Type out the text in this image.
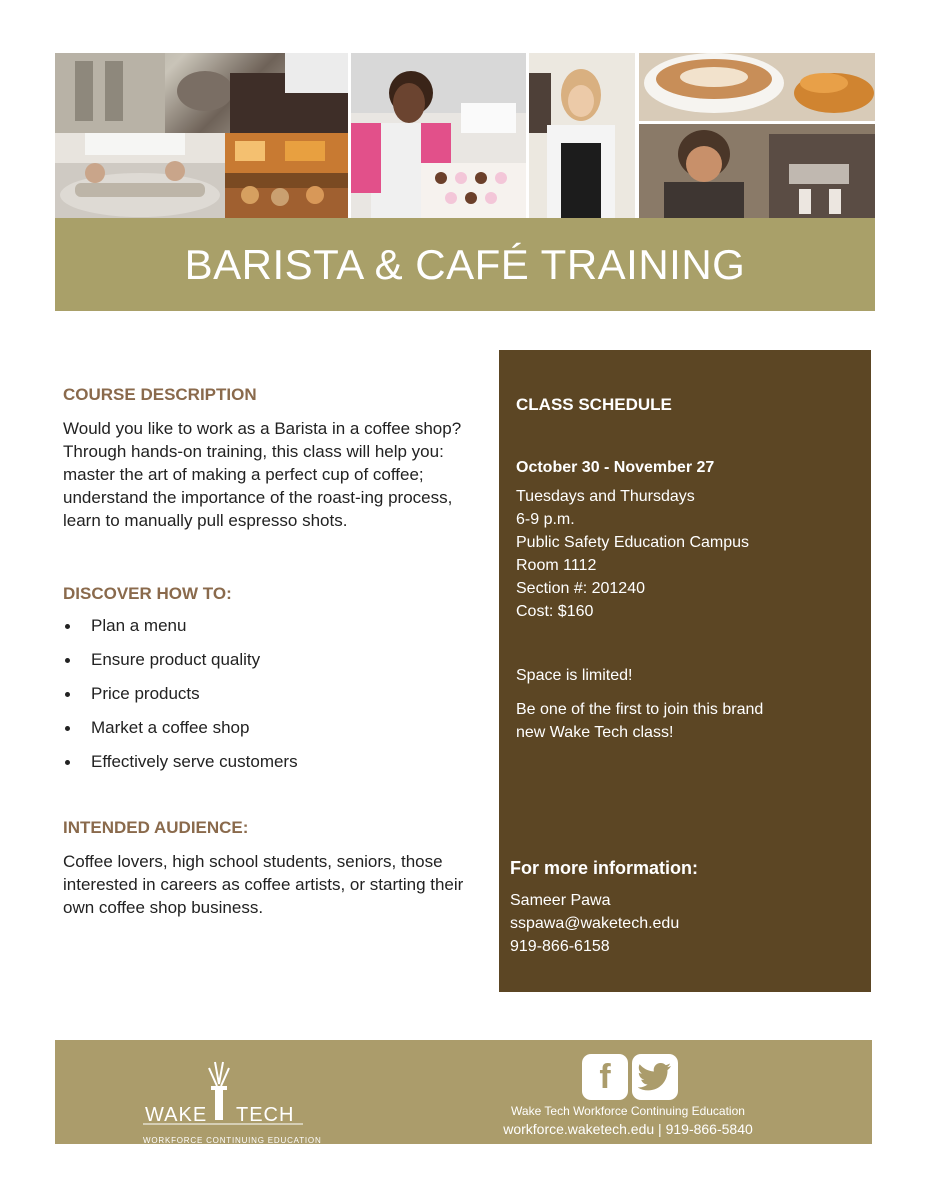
BARISTA & CAFÉ TRAINING

COURSE DESCRIPTION

Would you like to work as a Barista in a coffee shop? Through hands-on training, this class will help you: master the art of making a perfect cup of coffee; understand the importance of the roast-ing process, learn to manually pull espresso shots.

DISCOVER HOW TO:

Plan a menu
Ensure product quality
Price products
Market a coffee shop
Effectively serve customers

INTENDED AUDIENCE:

Coffee lovers, high school students, seniors, those interested in careers as coffee artists, or starting their own coffee shop business.

CLASS SCHEDULE

October 30 - November 27

Tuesdays and Thursdays

6-9 p.m.

Public Safety Education Campus

Room 1112

Section #: 201240

Cost: $160

Space is limited!

Be one of the first to join this brand new Wake Tech class!

For more information:

Sameer Pawa

sspawa@waketech.edu

919-866-6158

WAKE TECH
WORKFORCE CONTINUING EDUCATION
f
Wake Tech Workforce Continuing Education
workforce.waketech.edu | 919-866-5840
